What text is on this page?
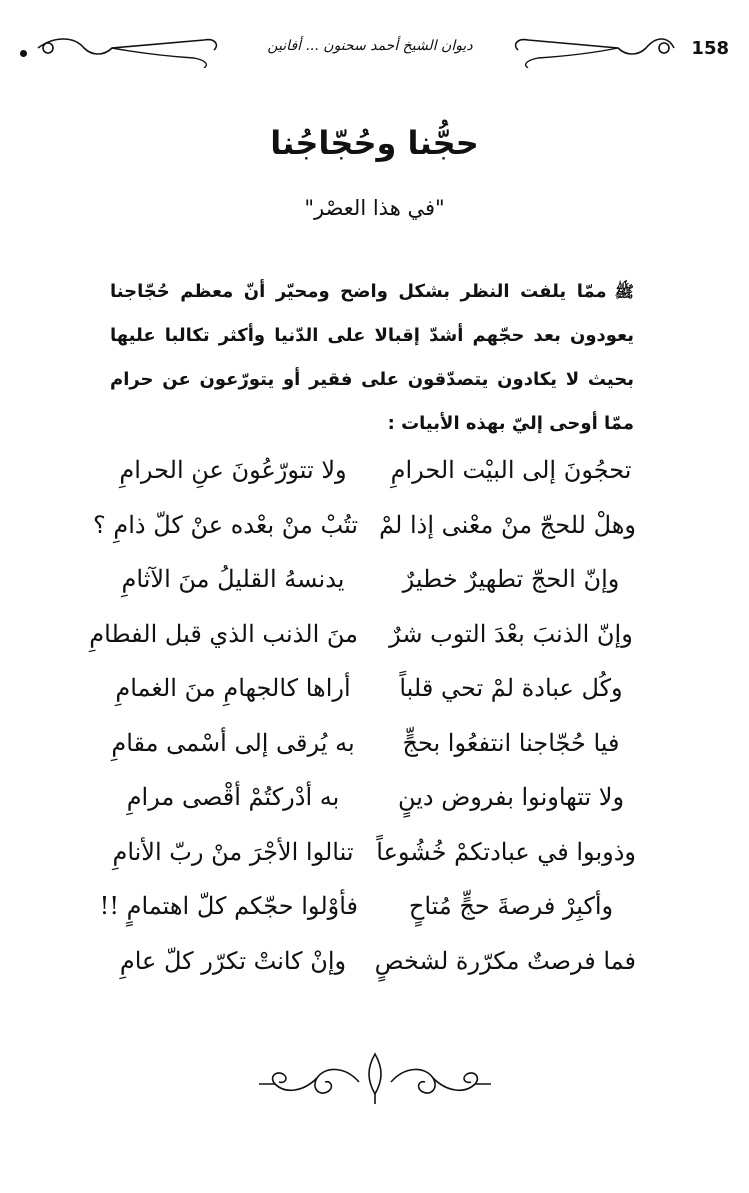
ديوان الشيخ أحمد سحنون ... أفانين	158
حجُّنا وحُجّاجُنا
"في هذا العصْر"
ﷺممّا يلفت النظر بشكل واضح ومحيّر أنّ معظم حُجّاجنا يعودون بعد حجّهم أشدّ إقبالا على الدّنيا وأكثر تكالبا عليها بحيث لا يكادون يتصدّقون على فقير أو يتورّعون عن حرام ممّا أوحى إليّ بهذه الأبيات :
تحجُونَ إلى البيْت الحرامِ
ولا تتورّعُونَ عنِ الحرامِ
وهلْ للحجّ منْ معْنى إذا لمْ
تتُبْ منْ بعْده عنْ كلّ ذامِ ؟
وإنّ الحجّ تطهيرٌ خطيرٌ
يدنسهُ القليلُ منَ الآثامِ
وإنّ الذنبَ بعْدَ التوب شرٌ
منَ الذنب الذي قبل الفطامِ
وكُل عبادة لمْ تحي قلباً
أراها كالجهامِ منَ الغمامِ
فيا حُجّاجنا انتفعُوا بحجٍّ
به يُرقى إلى أسْمى مقامِ
ولا تتهاونوا بفروض دينٍ
به أدْركتُمْ أقْصى مرامِ
وذوبوا في عبادتكمْ خُشُوعاً
تنالوا الأجْرَ منْ ربّ الأنامِ
وأكبِرْ فرصةَ حجٍّ مُتاحٍ
فأوْلوا حجّكم كلّ اهتمامٍ !!
فما فرصتٌ مكرّرة لشخصٍ
وإنْ كانتْ تكرّر كلّ عامِ
